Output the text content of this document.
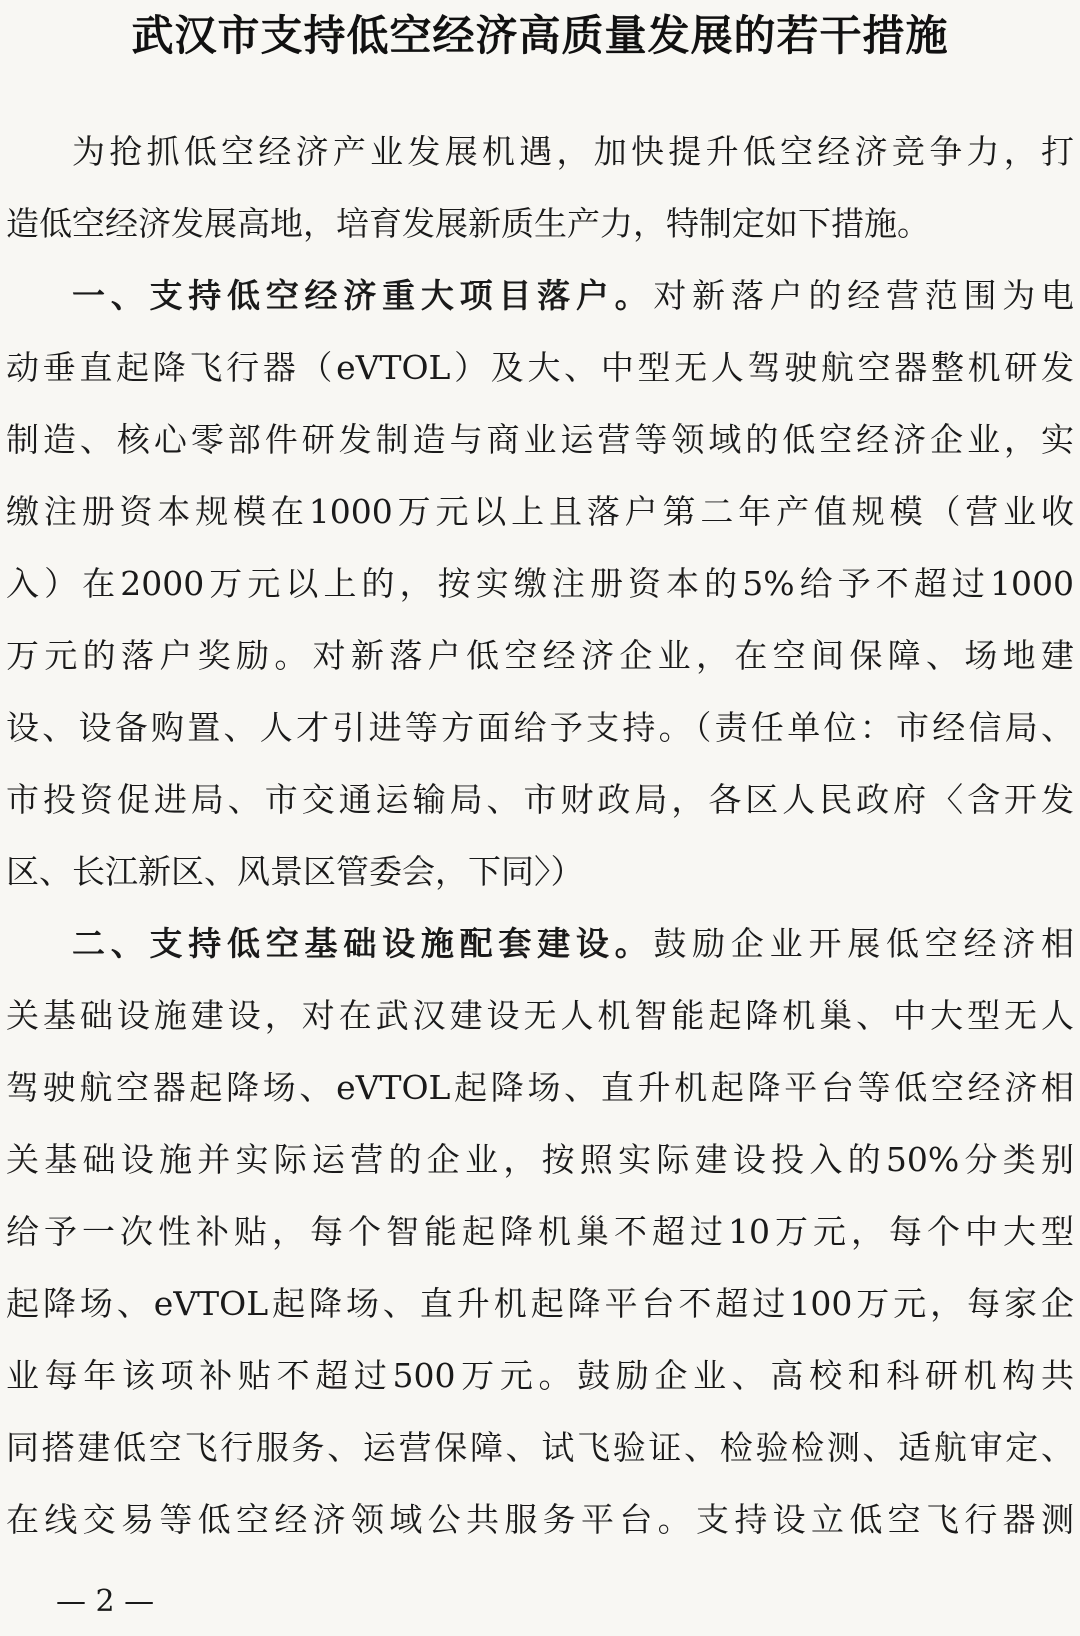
武汉市支持低空经济高质量发展的若干措施
为抢抓低空经济产业发展机遇，加快提升低空经济竞争力，打
造低空经济发展高地，培育发展新质生产力，特制定如下措施。
一、支持低空经济重大项目落户。对新落户的经营范围为电
动垂直起降飞行器（eVTOL）及大、中型无人驾驶航空器整机研发
制造、核心零部件研发制造与商业运营等领域的低空经济企业，实
缴注册资本规模在1000万元以上且落户第二年产值规模（营业收
入）在2000万元以上的，按实缴注册资本的5%给予不超过1000
万元的落户奖励。对新落户低空经济企业，在空间保障、场地建
设、设备购置、人才引进等方面给予支持。（责任单位：市经信局、
市投资促进局、市交通运输局、市财政局，各区人民政府〈含开发
区、长江新区、风景区管委会，下同〉）
二、支持低空基础设施配套建设。鼓励企业开展低空经济相
关基础设施建设，对在武汉建设无人机智能起降机巢、中大型无人
驾驶航空器起降场、eVTOL起降场、直升机起降平台等低空经济相
关基础设施并实际运营的企业，按照实际建设投入的50%分类别
给予一次性补贴，每个智能起降机巢不超过10万元，每个中大型
起降场、eVTOL起降场、直升机起降平台不超过100万元，每家企
业每年该项补贴不超过500万元。鼓励企业、高校和科研机构共
同搭建低空飞行服务、运营保障、试飞验证、检验检测、适航审定、
在线交易等低空经济领域公共服务平台。支持设立低空飞行器测
— 2 —
